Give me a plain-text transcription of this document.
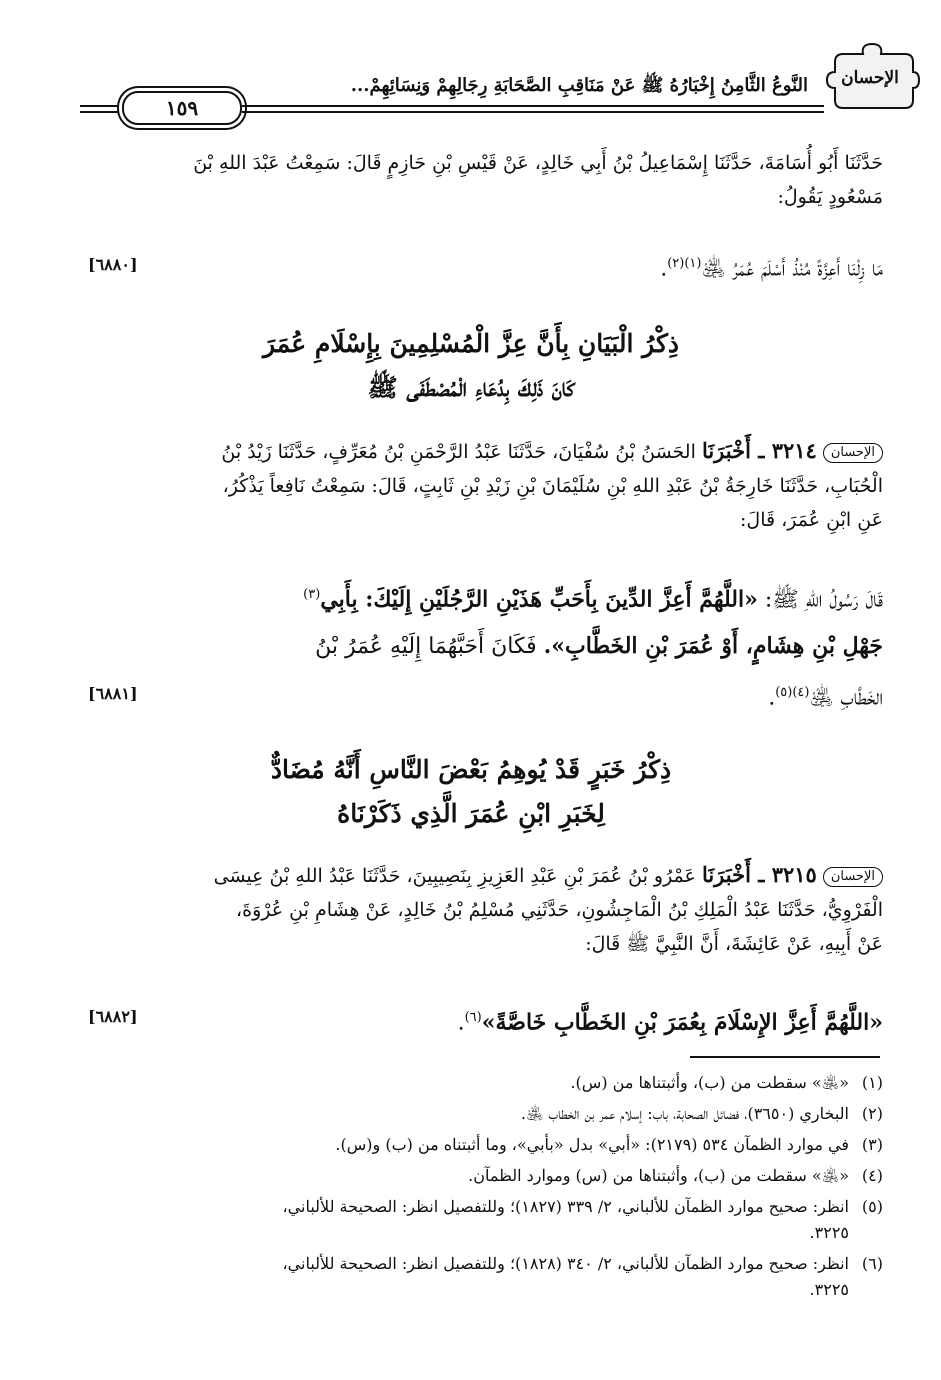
الإحسان
النَّوعُ الثَّامِنُ إِخْبَارُهُ ﷺ عَنْ مَنَاقِبِ الصَّحَابَةِ رِجَالِهِمْ وَنِسَائِهِمْ...
١٥٩
حَدَّثَنَا أَبُو أُسَامَةَ، حَدَّثَنَا إِسْمَاعِيلُ بْنُ أَبِي خَالِدٍ، عَنْ قَيْسِ بْنِ حَازِمٍ قَالَ: سَمِعْتُ عَبْدَ اللهِ بْنَ
مَسْعُودٍ يَقُولُ:
مَا زِلْنَا أَعِزَّةً مُنْذُ أَسْلَمَ عُمَرُ ﵁$^{(١)(٢)}$.
[٦٨٨٠]
ذِكْرُ الْبَيَانِ بِأَنَّ عِزَّ الْمُسْلِمِينَ بِإِسْلَامِ عُمَرَ
كَانَ ذَلِكَ بِدُعَاءِ الْمُصْطَفَى ﷺ
الإحسان٣٢١٤ ـ أَخْبَرَنَا الحَسَنُ بْنُ سُفْيَانَ، حَدَّثَنَا عَبْدُ الرَّحْمَنِ بْنُ مُعَرِّفٍ، حَدَّثَنَا زَيْدُ بْنُ
الْحُبَابِ، حَدَّثَنَا خَارِجَةُ بْنُ عَبْدِ اللهِ بْنِ سُلَيْمَانَ بْنِ زَيْدِ بْنِ ثَابِتٍ، قَالَ: سَمِعْتُ نَافِعاً يَذْكُرُ،
عَنِ ابْنِ عُمَرَ، قَالَ:
قَالَ رَسُولُ اللهِ ﷺ: «اللَّهُمَّ أَعِزَّ الدِّينَ بِأَحَبِّ هَذَيْنِ الرَّجُلَيْنِ إِلَيْكَ: بِأَبِي$^{(٣)}$
جَهْلِ بْنِ هِشَامٍ، أَوْ عُمَرَ بْنِ الخَطَّابِ». فَكَانَ أَحَبَّهُمَا إِلَيْهِ عُمَرُ بْنُ
الخَطَّابِ ﵁$^{(٤)(٥)}$.
[٦٨٨١]
ذِكْرُ خَبَرٍ قَدْ يُوهِمُ بَعْضَ النَّاسِ أَنَّهُ مُضَادٌّ
لِخَبَرِ ابْنِ عُمَرَ الَّذِي ذَكَرْنَاهُ
الإحسان٣٢١٥ ـ أَخْبَرَنَا عَمْرُو بْنُ عُمَرَ بْنِ عَبْدِ العَزِيزِ بِنَصِيبِينَ، حَدَّثَنَا عَبْدُ اللهِ بْنُ عِيسَى
الْفَرْوِيُّ، حَدَّثَنَا عَبْدُ الْمَلِكِ بْنُ الْمَاجِشُونِ، حَدَّثَنِي مُسْلِمُ بْنُ خَالِدٍ، عَنْ هِشَامِ بْنِ عُرْوَةَ،
عَنْ أَبِيهِ، عَنْ عَائِشَةَ، أَنَّ النَّبِيَّ ﷺ قَالَ:
«اللَّهُمَّ أَعِزَّ الإِسْلَامَ بِعُمَرَ بْنِ الخَطَّابِ خَاصَّةً»$^{(٦)}$.
[٦٨٨٢]
(١)«﵁» سقطت من (ب)، وأثبتناها من (س).
(٢)البخاري (٣٦٥٠)، فضائل الصحابة، باب: إسلام عمر بن الخطاب ﵁.
(٣)في موارد الظمآن ٥٣٤ (٢١٧٩): «أبي» بدل «بأبي»، وما أثبتناه من (ب) و(س).
(٤)«﵁» سقطت من (ب)، وأثبتناها من (س) وموارد الظمآن.
(٥)انظر: صحيح موارد الظمآن للألباني، ٢/ ٣٣٩ (١٨٢٧)؛ وللتفصيل انظر: الصحيحة للألباني،
٣٢٢٥.
(٦)انظر: صحيح موارد الظمآن للألباني، ٢/ ٣٤٠ (١٨٢٨)؛ وللتفصيل انظر: الصحيحة للألباني،
٣٢٢٥.
